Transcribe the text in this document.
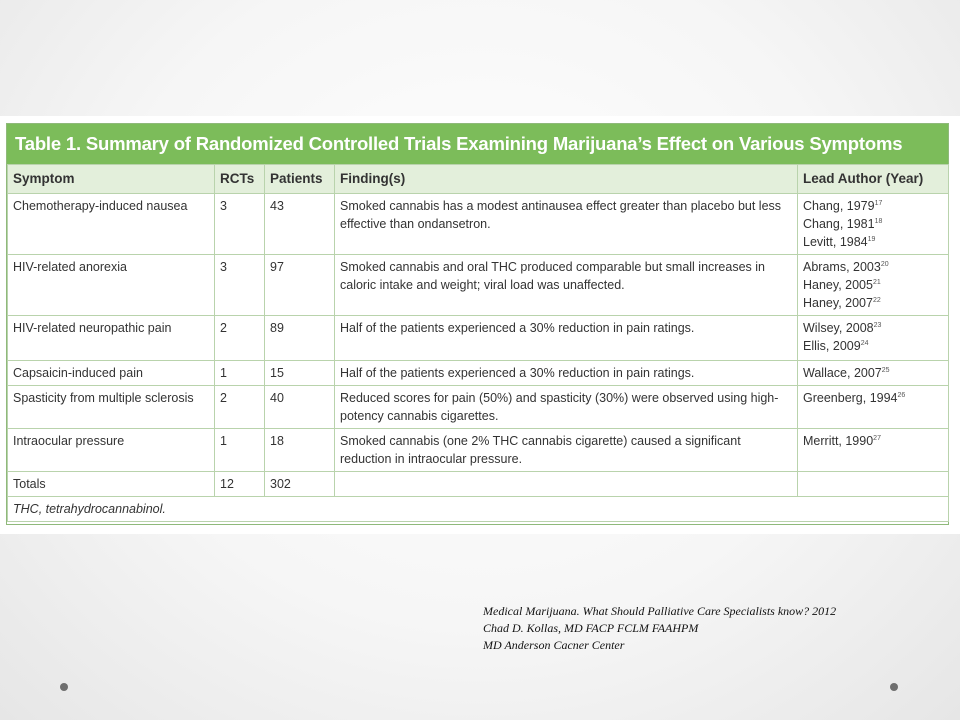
Table 1. Summary of Randomized Controlled Trials Examining Marijuana’s Effect on Various Symptoms
Symptom	RCTs	Patients	Finding(s)	Lead Author (Year)
Chemotherapy-induced nausea	3	43	Smoked cannabis has a modest antinausea effect greater than placebo but less effective than ondansetron.	Chang, 1979$^{17}$
Chang, 1981$^{18}$
Levitt, 1984$^{19}$

HIV-related anorexia	3	97	Smoked cannabis and oral THC produced comparable but small increases in caloric intake and weight; viral load was unaffected.	Abrams, 2003$^{20}$
Haney, 2005$^{21}$
Haney, 2007$^{22}$

HIV-related neuropathic pain	2	89	Half of the patients experienced a 30% reduction in pain ratings.	Wilsey, 2008$^{23}$
Ellis, 2009$^{24}$

Capsaicin-induced pain	1	15	Half of the patients experienced a 30% reduction in pain ratings.	Wallace, 2007$^{25}$

Spasticity from multiple sclerosis	2	40	Reduced scores for pain (50%) and spasticity (30%) were observed using high-potency cannabis cigarettes.	Greenberg, 1994$^{26}$

Intraocular pressure	1	18	Smoked cannabis (one 2% THC cannabis cigarette) caused a significant reduction in intraocular pressure.	Merritt, 1990$^{27}$

Totals	12	302		
THC, tetrahydrocannabinol.				
Medical Marijuana. What Should Palliative Care Specialists know? 2012
Chad D. Kollas, MD FACP FCLM FAAHPM
MD Anderson Cacner Center
